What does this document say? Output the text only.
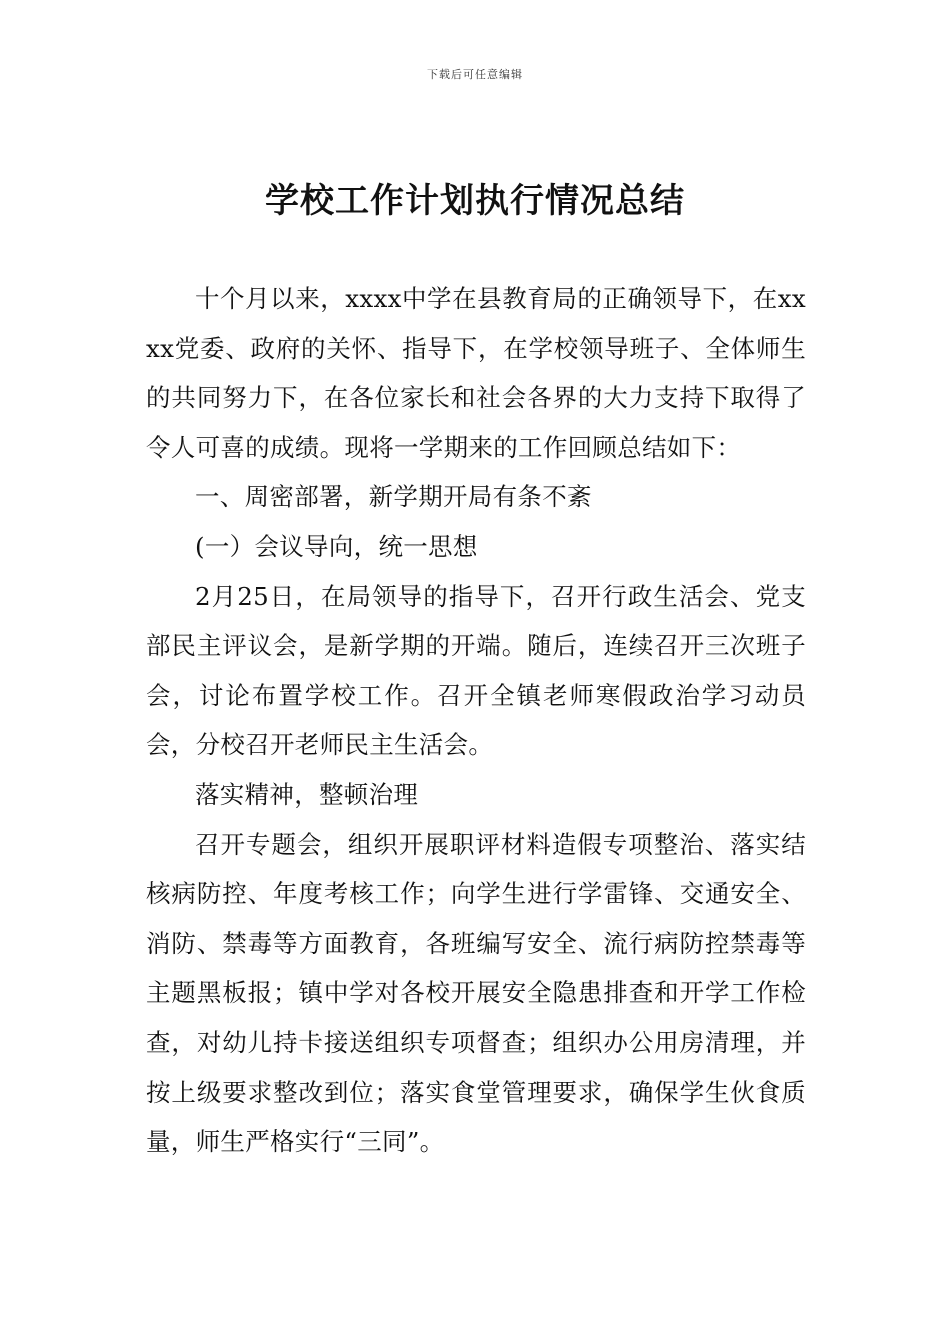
下载后可任意编辑
学校工作计划执行情况总结

十个月以来，xxxx中学在县教育局的正确领导下，在xxxx党委、政府的关怀、指导下，在学校领导班子、全体师生的共同努力下，在各位家长和社会各界的大力支持下取得了令人可喜的成绩。现将一学期来的工作回顾总结如下：

一、周密部署，新学期开局有条不紊

(一）会议导向，统一思想

2月25日，在局领导的指导下，召开行政生活会、党支部民主评议会，是新学期的开端。随后，连续召开三次班子会，讨论布置学校工作。召开全镇老师寒假政治学习动员会，分校召开老师民主生活会。

落实精神，整顿治理

召开专题会，组织开展职评材料造假专项整治、落实结核病防控、年度考核工作；向学生进行学雷锋、交通安全、消防、禁毒等方面教育，各班编写安全、流行病防控禁毒等主题黑板报；镇中学对各校开展安全隐患排查和开学工作检查，对幼儿持卡接送组织专项督查；组织办公用房清理，并按上级要求整改到位；落实食堂管理要求，确保学生伙食质量，师生严格实行“三同”。
